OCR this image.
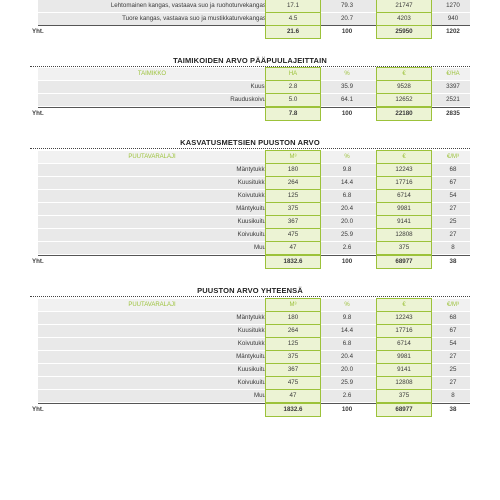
Lehtomainen kangas, vastaava suo ja ruohoturvekangas	17.1	79.3	21747	1270
Tuore kangas, vastaava suo ja mustikkaturvekangas	4.5	20.7	4203	940
Yht.	21.6	100	25950	1202
TAIMIKOIDEN ARVO PÄÄPUULAJEITTAIN
TAIMIKKO	HA	%	€	€/HA
Kuusi	2.8	35.9	9528	3397
Rauduskoivu	5.0	64.1	12652	2521
Yht.	7.8	100	22180	2835
KASVATUSMETSIEN PUUSTON ARVO
PUUTAVARALAJI	M³	%	€	€/M³
Mäntytukki	180	9.8	12243	68
Kuusitukki	264	14.4	17716	67
Koivutukki	125	6.8	6714	54
Mäntykuitu	375	20.4	9981	27
Kuusikuitu	367	20.0	9141	25
Koivukuitu	475	25.9	12808	27
Muu	47	2.6	375	8
Yht.	1832.6	100	68977	38
PUUSTON ARVO YHTEENSÄ
PUUTAVARALAJI	M³	%	€	€/M³
Mäntytukki	180	9.8	12243	68
Kuusitukki	264	14.4	17716	67
Koivutukki	125	6.8	6714	54
Mäntykuitu	375	20.4	9981	27
Kuusikuitu	367	20.0	9141	25
Koivukuitu	475	25.9	12808	27
Muu	47	2.6	375	8
Yht.	1832.6	100	68977	38
